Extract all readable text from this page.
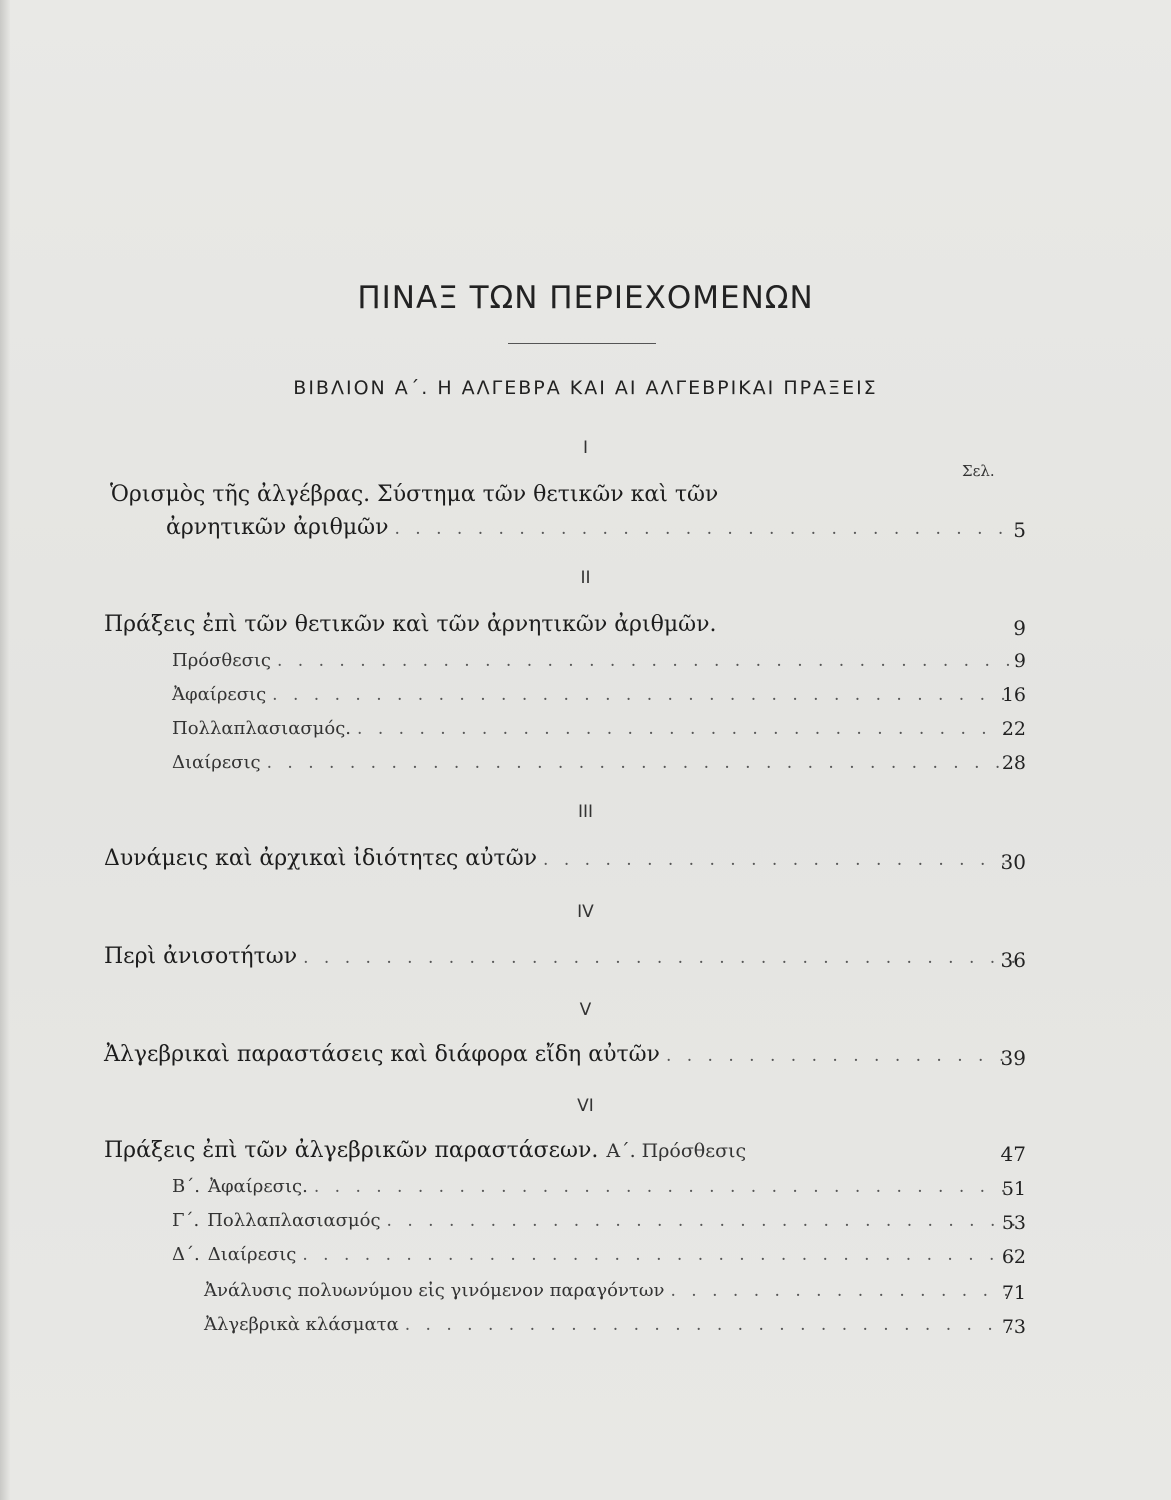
ΠΙΝΑΞ ΤΩΝ ΠΕΡΙΕΧΟΜΕΝΩΝ
ΒΙΒΛΙΟΝ Α΄. Η ΑΛΓΕΒΡΑ ΚΑΙ ΑΙ ΑΛΓΕΒΡΙΚΑΙ ΠΡΑΞΕΙΣ
I
Σελ.
Ὁρισμὸς τῆς ἀλγέβρας. Σύστημα τῶν θετικῶν καὶ τῶν
ἀρνητικῶν ἀριθμῶν . . .	5
II
Πράξεις ἐπὶ τῶν θετικῶν καὶ τῶν ἀρνητικῶν ἀριθμῶν.	9
Πρόσθεσις . . .	9
Ἀφαίρεσις . . .	16
Πολλαπλασιασμός. . . .	22
Διαίρεσις . . .	28
III
Δυνάμεις καὶ ἀρχικαὶ ἰδιότητες αὐτῶν . . .	30
IV
Περὶ ἀνισοτήτων . . .	36
V
Ἀλγεβρικαὶ παραστάσεις καὶ διάφορα εἴδη αὐτῶν . . .	39
VI
Πράξεις ἐπὶ τῶν ἀλγεβρικῶν παραστάσεων. Α΄. Πρόσθεσις	47
Β΄. Ἀφαίρεσις. . . .	51
Γ΄. Πολλαπλασιασμός . . .	53
Δ΄. Διαίρεσις . . .	62
Ἀνάλυσις πολυωνύμου εἰς γινόμενον παραγόντων . . .	71
Ἀλγεβρικὰ κλάσματα . . .	73
